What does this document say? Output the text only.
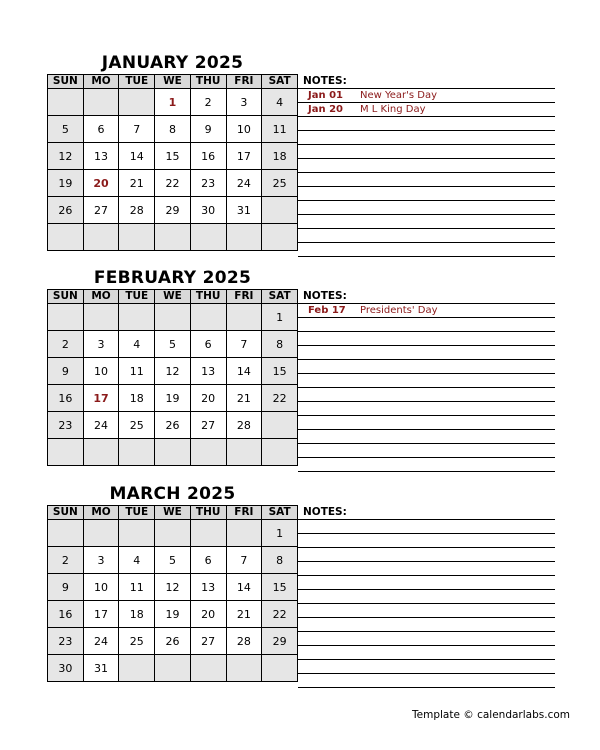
JANUARY 2025
SUN	MO	TUE	WE	THU	FRI	SAT
			1	2	3	4
5	6	7	8	9	10	11
12	13	14	15	16	17	18
19	20	21	22	23	24	25
26	27	28	29	30	31	

NOTES:
Jan 01 New Year's Day
Jan 20 M L King Day
FEBRUARY 2025
SUN	MO	TUE	WE	THU	FRI	SAT
						1
2	3	4	5	6	7	8
9	10	11	12	13	14	15
16	17	18	19	20	21	22
23	24	25	26	27	28	

NOTES:
Feb 17 Presidents' Day
MARCH 2025
SUN	MO	TUE	WE	THU	FRI	SAT
						1
2	3	4	5	6	7	8
9	10	11	12	13	14	15
16	17	18	19	20	21	22
23	24	25	26	27	28	29
30	31					
NOTES:
Template © calendarlabs.com
